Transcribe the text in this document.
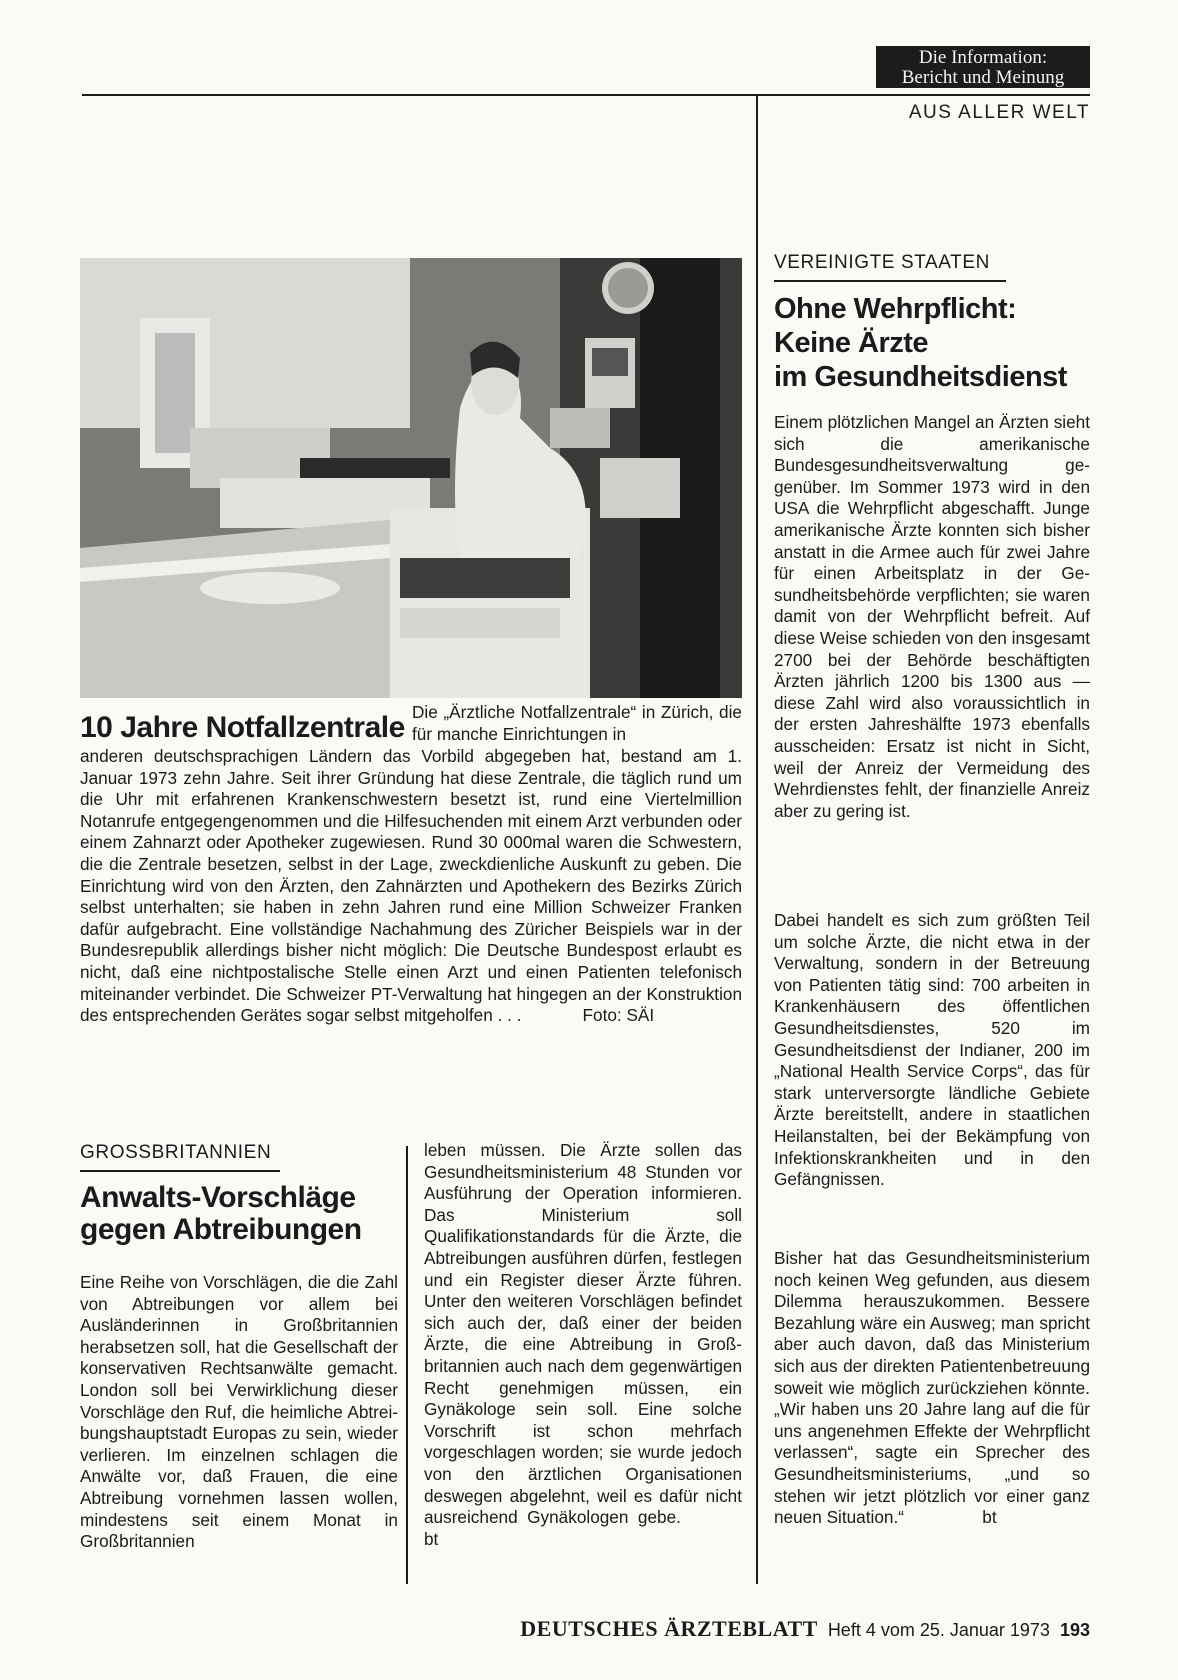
Die Information:
Bericht und Meinung
AUS ALLER WELT
10 Jahre Notfallzentrale Die „Ärztliche Notfallzentrale“ in Zürich, die für manche Einrichtungen in
anderen deutschsprachigen Ländern das Vorbild abgegeben hat, bestand am 1. Januar 1973 zehn Jahre. Seit ihrer Gründung hat diese Zentrale, die täglich rund um die Uhr mit erfahrenen Krankenschwestern besetzt ist, rund eine Viertelmillion Notanrufe entgegengenommen und die Hilfesuchenden mit einem Arzt verbunden oder einem Zahnarzt oder Apotheker zugewiesen. Rund 30 000mal waren die Schwestern, die die Zentrale besetzen, selbst in der Lage, zweckdienliche Auskunft zu geben. Die Einrichtung wird von den Ärzten, den Zahnärzten und Apothekern des Bezirks Zürich selbst unterhalten; sie haben in zehn Jahren rund eine Million Schweizer Franken dafür aufgebracht. Eine vollständige Nachahmung des Züricher Beispiels war in der Bundesrepublik allerdings bisher nicht möglich: Die Deutsche Bundespost erlaubt es nicht, daß eine nichtpostalische Stelle einen Arzt und einen Patienten telefonisch miteinander verbindet. Die Schweizer PT-Verwaltung hat hingegen an der Konstruktion des entsprechenden Gerätes sogar selbst mitgeholfen . . .     Foto: SÄI
VEREINIGTE STAATEN
Ohne Wehrpflicht:
Keine Ärzte
im Gesundheitsdienst
Einem plötzlichen Mangel an Ärzten sieht sich die amerikanische Bundesgesundheitsverwaltung gegenüber. Im Sommer 1973 wird in den USA die Wehrpflicht abgeschafft. Junge amerikanische Ärzte konnten sich bisher anstatt in die Armee auch für zwei Jahre für einen Arbeitsplatz in der Gesundheitsbehörde verpflichten; sie waren damit von der Wehrpflicht befreit. Auf diese Weise schieden von den insgesamt 2700 bei der Behörde beschäftigten Ärzten jährlich 1200 bis 1300 aus — diese Zahl wird also voraussichtlich in der ersten Jahreshälfte 1973 ebenfalls ausscheiden: Ersatz ist nicht in Sicht, weil der Anreiz der Vermeidung des Wehrdienstes fehlt, der finanzielle Anreiz aber zu gering ist.
Dabei handelt es sich zum größten Teil um solche Ärzte, die nicht etwa in der Verwaltung, sondern in der Betreuung von Patienten tätig sind: 700 arbeiten in Krankenhäusern des öffentlichen Gesundheitsdienstes, 520 im Gesundheitsdienst der Indianer, 200 im „National Health Service Corps“, das für stark unterversorgte ländliche Gebiete Ärzte bereitstellt, andere in staatlichen Heilanstalten, bei der Bekämpfung von Infektionskrankheiten und in den Gefängnissen.
Bisher hat das Gesundheitsministerium noch keinen Weg gefunden, aus diesem Dilemma herauszukommen. Bessere Bezahlung wäre ein Ausweg; man spricht aber auch davon, daß das Ministerium sich aus der direkten Patientenbetreuung soweit wie möglich zurückziehen könnte. „Wir haben uns 20 Jahre lang auf die für uns angenehmen Effekte der Wehrpflicht verlassen“, sagte ein Sprecher des Gesundheitsministeriums, „und so stehen wir jetzt plötzlich vor einer ganz neuen Situation.“      bt
GROSSBRITANNIEN
Anwalts-Vorschläge
gegen Abtreibungen
Eine Reihe von Vorschlägen, die die Zahl von Abtreibungen vor allem bei Ausländerinnen in Großbritannien herabsetzen soll, hat die Gesellschaft der konservativen Rechtsanwälte gemacht. London soll bei Verwirklichung dieser Vorschläge den Ruf, die heimliche Abtreibungshauptstadt Europas zu sein, wieder verlieren. Im einzelnen schlagen die Anwälte vor, daß Frauen, die eine Abtreibung vornehmen lassen wollen, mindestens seit einem Monat in Großbritannien
leben müssen. Die Ärzte sollen das Gesundheitsministerium 48 Stunden vor Ausführung der Operation informieren. Das Ministerium soll Qualifikationstandards für die Ärzte, die Abtreibungen ausführen dürfen, festlegen und ein Register dieser Ärzte führen. Unter den weiteren Vorschlägen befindet sich auch der, daß einer der beiden Ärzte, die eine Abtreibung in Großbritannien auch nach dem gegenwärtigen Recht genehmigen müssen, ein Gynäkologe sein soll. Eine solche Vorschrift ist schon mehrfach vorgeschlagen worden; sie wurde jedoch von den ärztlichen Organisationen deswegen abgelehnt, weil es dafür nicht ausreichend Gynäkologen gebe.     bt
DEUTSCHES ÄRZTEBLATT Heft 4 vom 25. Januar 1973 193
